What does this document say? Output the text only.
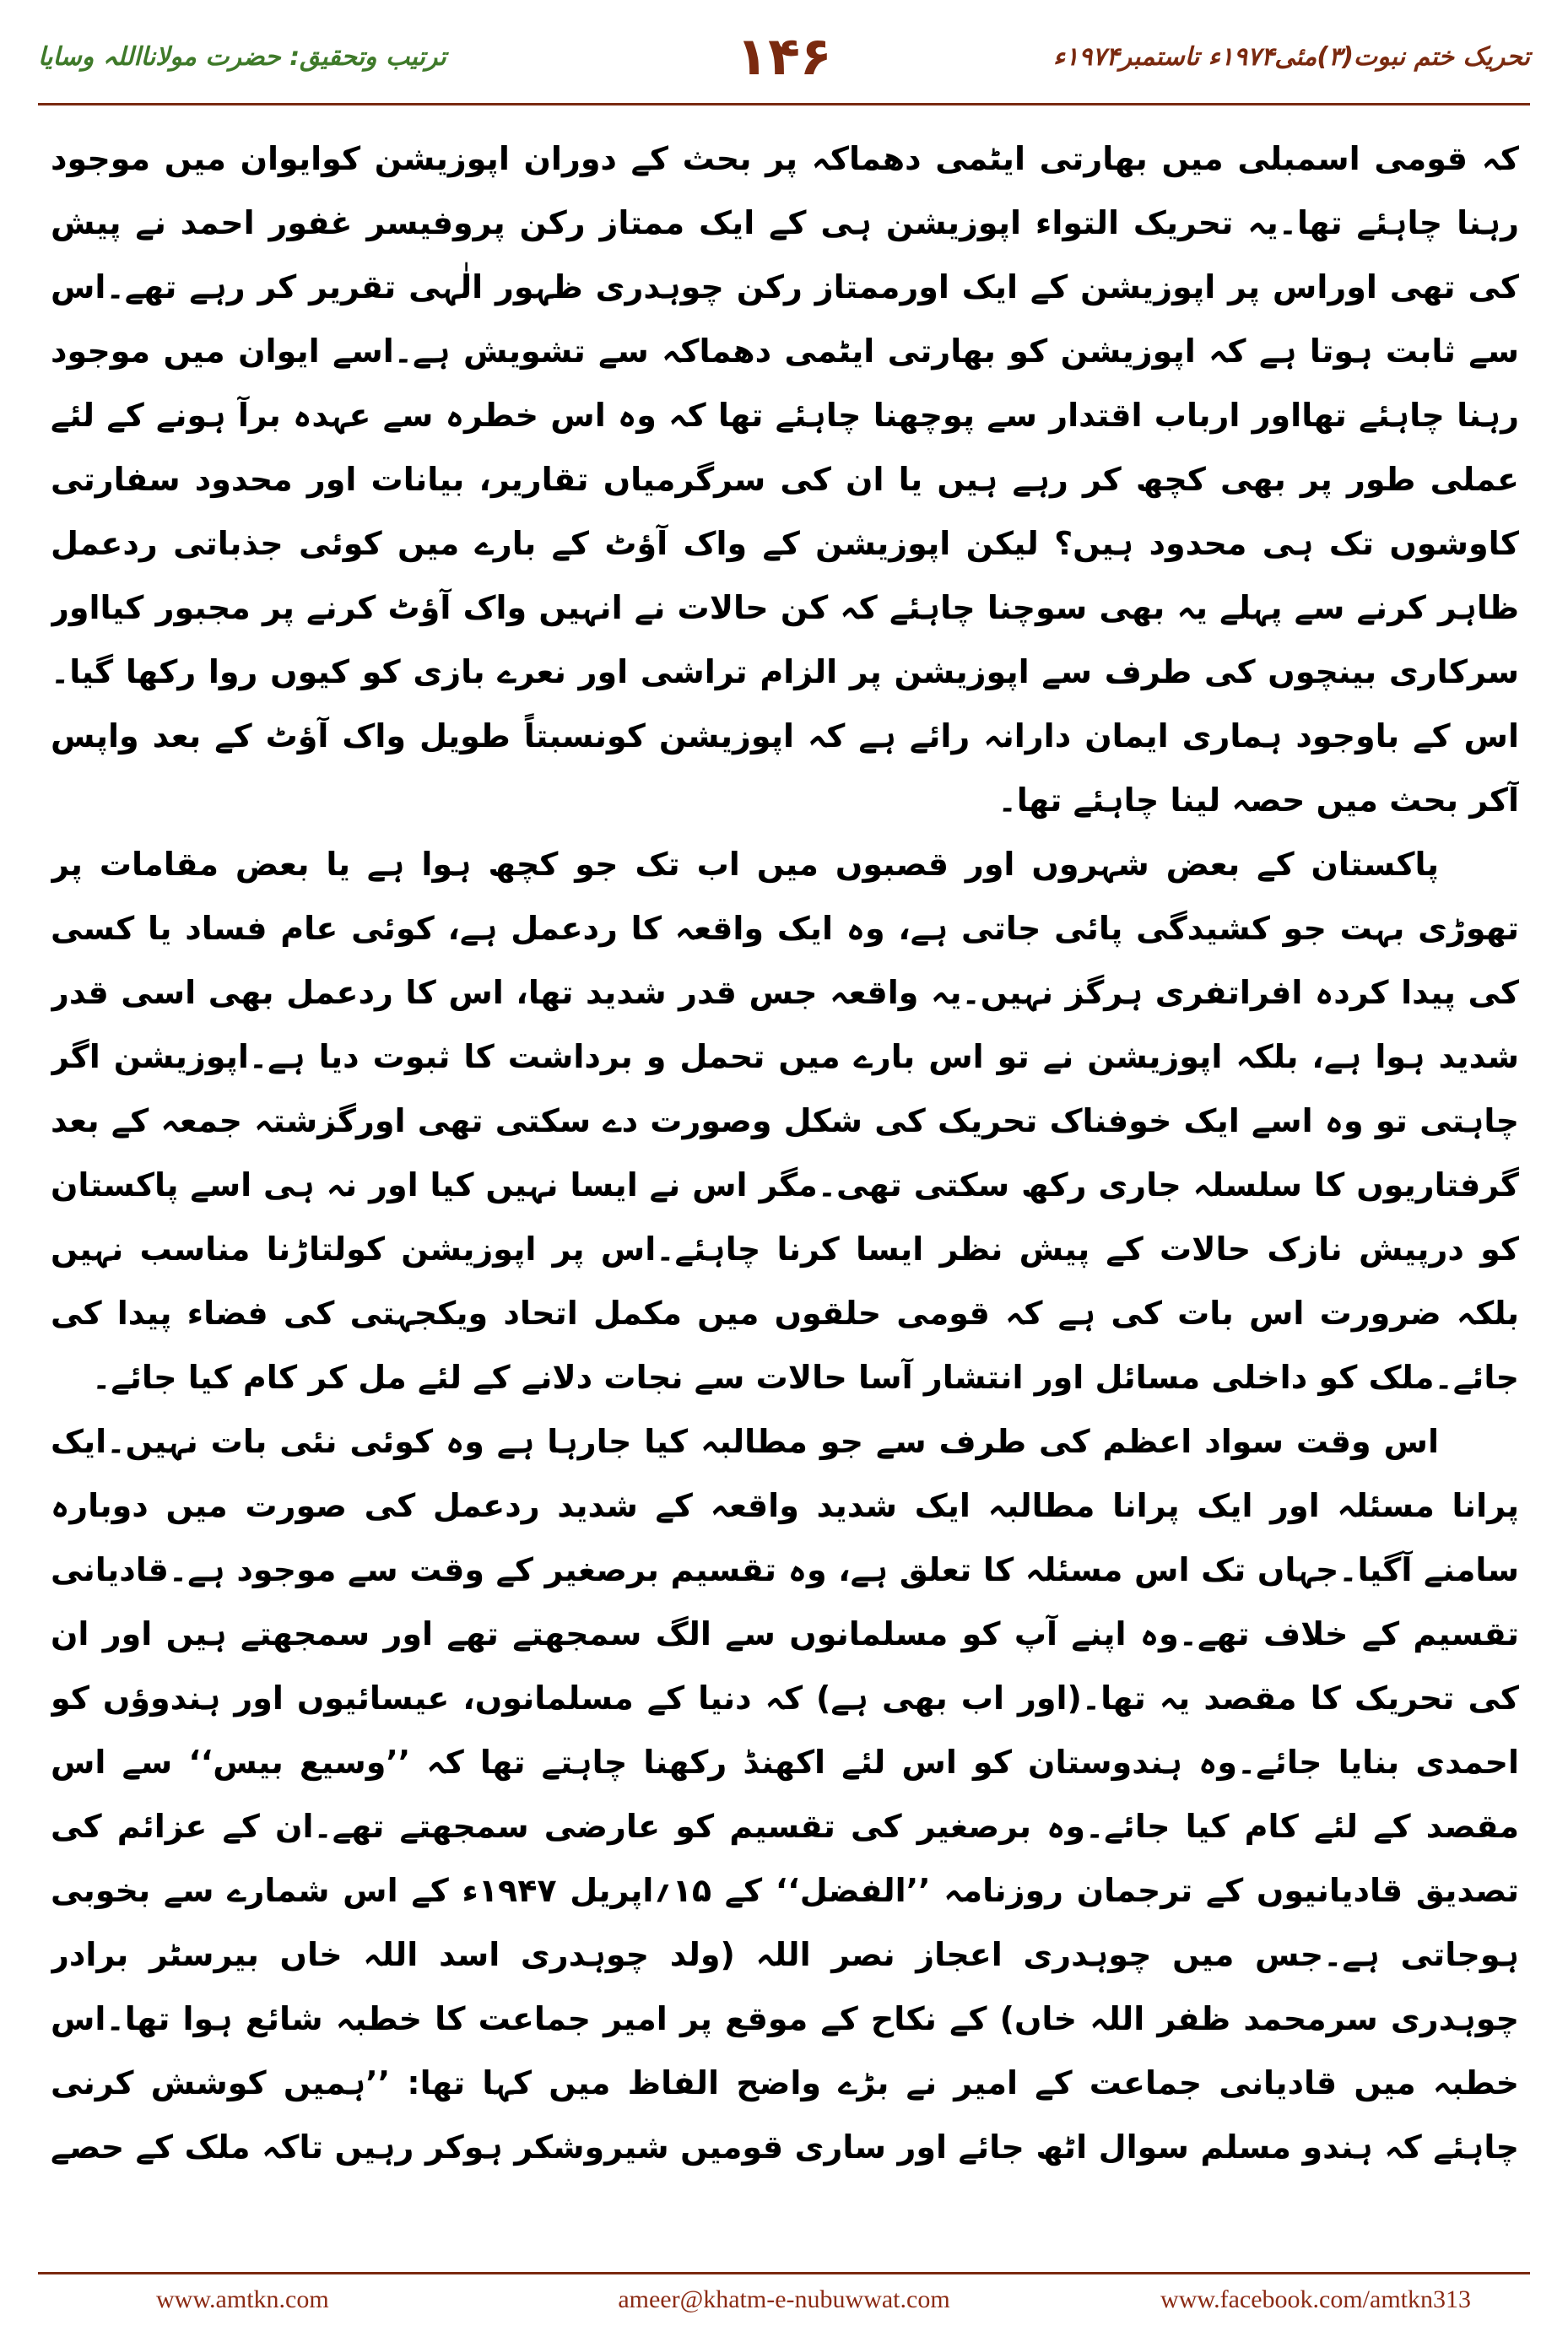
تحریک ختم نبوت(۳)مئی۱۹۷۴ء تاستمبر۱۹۷۴ء
۱۴۶
ترتیب وتحقیق: حضرت مولانااللہ وسایا

کہ قومی اسمبلی میں بھارتی ایٹمی دھماکہ پر بحث کے دوران اپوزیشن کوایوان میں موجود رہنا چاہئے تھا۔یہ تحریک التواء اپوزیشن ہی کے ایک ممتاز رکن پروفیسر غفور احمد نے پیش کی تھی اوراس پر اپوزیشن کے ایک اورممتاز رکن چوہدری ظہور الٰہی تقریر کر رہے تھے۔اس سے ثابت ہوتا ہے کہ اپوزیشن کو بھارتی ایٹمی دھماکہ سے تشویش ہے۔اسے ایوان میں موجود رہنا چاہئے تھااور ارباب اقتدار سے پوچھنا چاہئے تھا کہ وہ اس خطرہ سے عہدہ برآ ہونے کے لئے عملی طور پر بھی کچھ کر رہے ہیں یا ان کی سرگرمیاں تقاریر، بیانات اور محدود سفارتی کاوشوں تک ہی محدود ہیں؟ لیکن اپوزیشن کے واک آؤٹ کے بارے میں کوئی جذباتی ردعمل ظاہر کرنے سے پہلے یہ بھی سوچنا چاہئے کہ کن حالات نے انہیں واک آؤٹ کرنے پر مجبور کیااور سرکاری بینچوں کی طرف سے اپوزیشن پر الزام تراشی اور نعرے بازی کو کیوں روا رکھا گیا۔اس کے باوجود ہماری ایمان دارانہ رائے ہے کہ اپوزیشن کونسبتاً طویل واک آؤٹ کے بعد واپس آکر بحث میں حصہ لینا چاہئے تھا۔

پاکستان کے بعض شہروں اور قصبوں میں اب تک جو کچھ ہوا ہے یا بعض مقامات پر تھوڑی بہت جو کشیدگی پائی جاتی ہے، وہ ایک واقعہ کا ردعمل ہے، کوئی عام فساد یا کسی کی پیدا کردہ افراتفری ہرگز نہیں۔یہ واقعہ جس قدر شدید تھا، اس کا ردعمل بھی اسی قدر شدید ہوا ہے، بلکہ اپوزیشن نے تو اس بارے میں تحمل و برداشت کا ثبوت دیا ہے۔اپوزیشن اگر چاہتی تو وہ اسے ایک خوفناک تحریک کی شکل وصورت دے سکتی تھی اورگزشتہ جمعہ کے بعد گرفتاریوں کا سلسلہ جاری رکھ سکتی تھی۔مگر اس نے ایسا نہیں کیا اور نہ ہی اسے پاکستان کو درپیش نازک حالات کے پیش نظر ایسا کرنا چاہئے۔اس پر اپوزیشن کولتاڑنا مناسب نہیں بلکہ ضرورت اس بات کی ہے کہ قومی حلقوں میں مکمل اتحاد ویکجہتی کی فضاء پیدا کی جائے۔ملک کو داخلی مسائل اور انتشار آسا حالات سے نجات دلانے کے لئے مل کر کام کیا جائے۔

اس وقت سواد اعظم کی طرف سے جو مطالبہ کیا جارہا ہے وہ کوئی نئی بات نہیں۔ایک پرانا مسئلہ اور ایک پرانا مطالبہ ایک شدید واقعہ کے شدید ردعمل کی صورت میں دوبارہ سامنے آگیا۔جہاں تک اس مسئلہ کا تعلق ہے، وہ تقسیم برصغیر کے وقت سے موجود ہے۔قادیانی تقسیم کے خلاف تھے۔وہ اپنے آپ کو مسلمانوں سے الگ سمجھتے تھے اور سمجھتے ہیں اور ان کی تحریک کا مقصد یہ تھا۔(اور اب بھی ہے) کہ دنیا کے مسلمانوں، عیسائیوں اور ہندوؤں کو احمدی بنایا جائے۔وہ ہندوستان کو اس لئے اکھنڈ رکھنا چاہتے تھا کہ ’’وسیع بیس‘‘ سے اس مقصد کے لئے کام کیا جائے۔وہ برصغیر کی تقسیم کو عارضی سمجھتے تھے۔ان کے عزائم کی تصدیق قادیانیوں کے ترجمان روزنامہ ’’الفضل‘‘ کے ۱۵؍اپریل ۱۹۴۷ء کے اس شمارے سے بخوبی ہوجاتی ہے۔جس میں چوہدری اعجاز نصر اللہ (ولد چوہدری اسد اللہ خاں بیرسٹر برادر چوہدری سرمحمد ظفر اللہ خاں) کے نکاح کے موقع پر امیر جماعت کا خطبہ شائع ہوا تھا۔اس خطبہ میں قادیانی جماعت کے امیر نے بڑے واضح الفاظ میں کہا تھا: ’’ہمیں کوشش کرنی چاہئے کہ ہندو مسلم سوال اٹھ جائے اور ساری قومیں شیروشکر ہوکر رہیں تاکہ ملک کے حصے

www.amtkn.com	ameer@khatm-e-nubuwwat.com	www.facebook.com/amtkn313
